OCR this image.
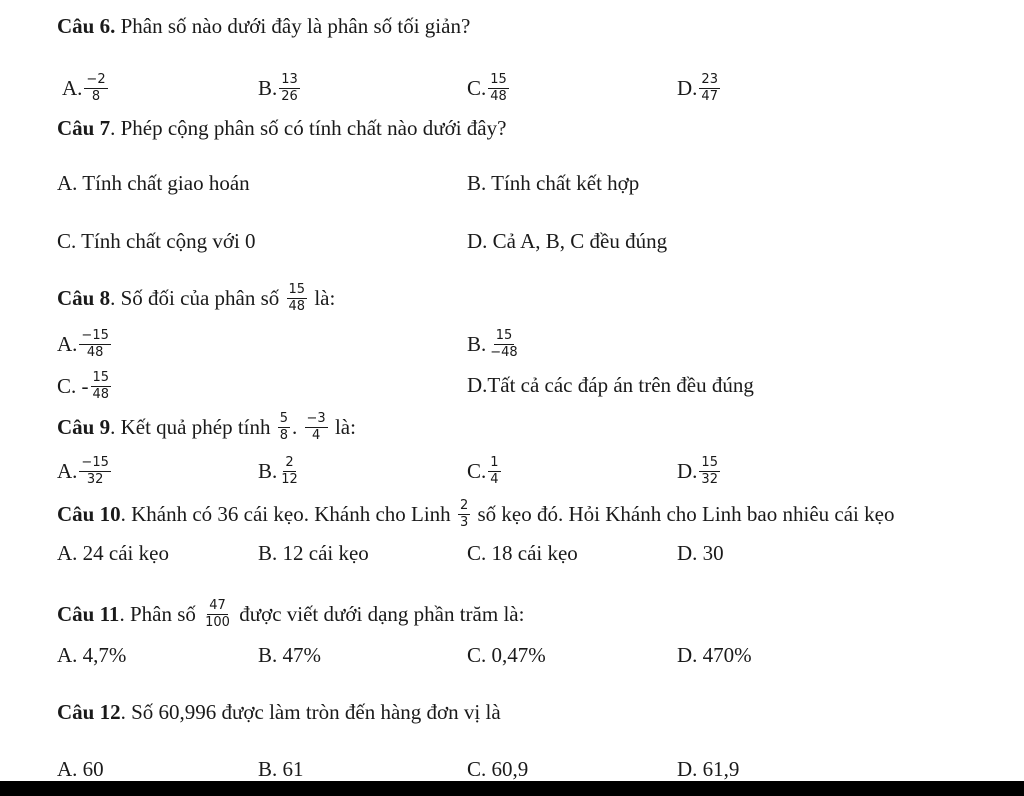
Câu 6. Phân số nào dưới đây là phân số tối giản?
A. $\frac{-2}{8}$	B. $\frac{13}{26}$	C. $\frac{15}{48}$	D. $\frac{23}{47}$
Câu 7. Phép cộng phân số có tính chất nào dưới đây?
A. Tính chất giao hoán	B. Tính chất kết hợp
C. Tính chất cộng với 0	D. Cả A, B, C đều đúng
Câu 8. Số đối của phân số $\frac{15}{48}$ là:
A. $\frac{-15}{48}$	B. $\frac{15}{-48}$
C. - $\frac{15}{48}$	D.Tất cả các đáp án trên đều đúng
Câu 9. Kết quả phép tính $\frac{5}{8}$ . $\frac{-3}{4}$ là:
A. $\frac{-15}{32}$	B. $\frac{2}{12}$	C. $\frac{1}{4}$	D. $\frac{15}{32}$
Câu 10. Khánh có 36 cái kẹo. Khánh cho Linh $\frac{2}{3}$ số kẹo đó. Hỏi Khánh cho Linh bao nhiêu cái kẹo
A. 24 cái kẹo	B. 12 cái kẹo	C. 18 cái kẹo	D. 30
Câu 11. Phân số $\frac{47}{100}$ được viết dưới dạng phần trăm là:
A. 4,7%	B. 47%	C. 0,47%	D. 470%
Câu 12. Số 60,996 được làm tròn đến hàng đơn vị là
A. 60	B. 61	C. 60,9	D. 61,9
